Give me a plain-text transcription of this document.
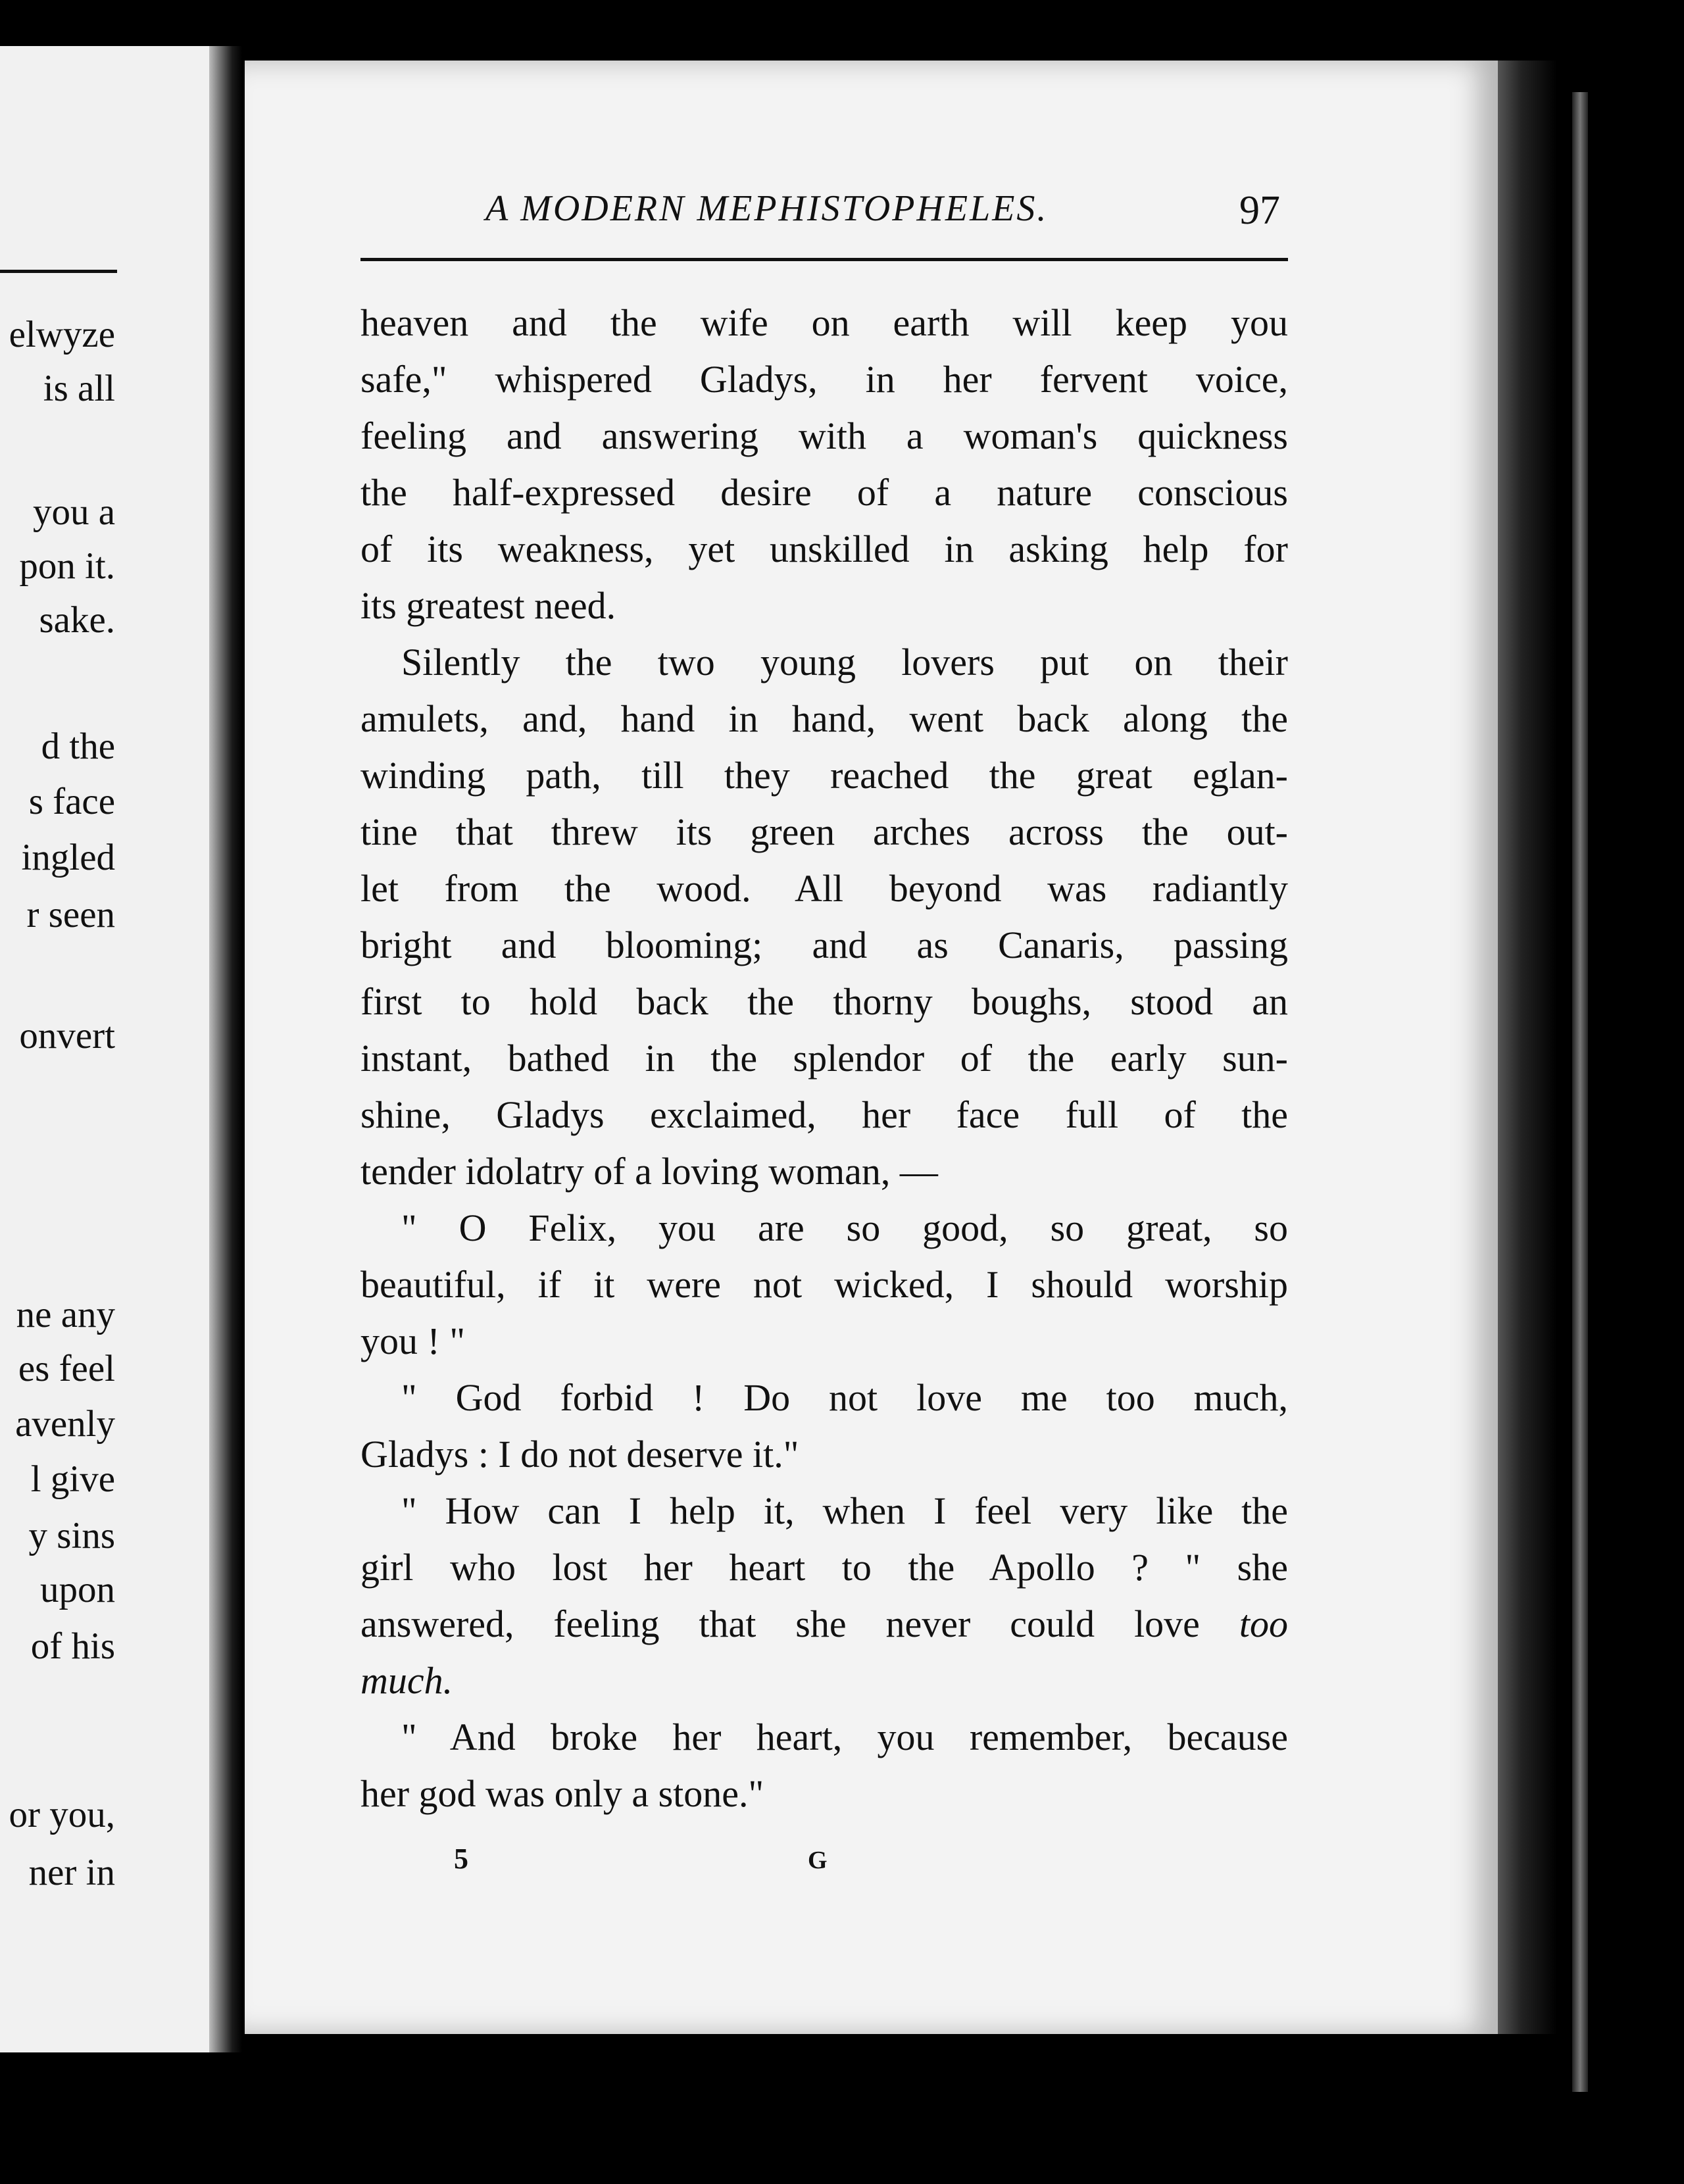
elwyze
is all
you a
pon it.
sake.
d the
s face
ingled
r seen
onvert
ne any
es feel
avenly
l give
y sins
upon
of his
or you,
ner in
A MODERN MEPHISTOPHELES.	97
heaven and the wife on earth will keep you
safe," whispered Gladys, in her fervent voice,
feeling and answering with a woman's quickness
the half-expressed desire of a nature conscious
of its weakness, yet unskilled in asking help for
its greatest need.
Silently the two young lovers put on their
amulets, and, hand in hand, went back along the
winding path, till they reached the great eglan-
tine that threw its green arches across the out-
let from the wood. All beyond was radiantly
bright and blooming; and as Canaris, passing
first to hold back the thorny boughs, stood an
instant, bathed in the splendor of the early sun-
shine, Gladys exclaimed, her face full of the
tender idolatry of a loving woman, —
" O Felix, you are so good, so great, so
beautiful, if it were not wicked, I should worship
you ! "
" God forbid ! Do not love me too much,
Gladys : I do not deserve it."
" How can I help it, when I feel very like the
girl who lost her heart to the Apollo ? " she
answered, feeling that she never could love too
much.
" And broke her heart, you remember, because
her god was only a stone."
5	G
